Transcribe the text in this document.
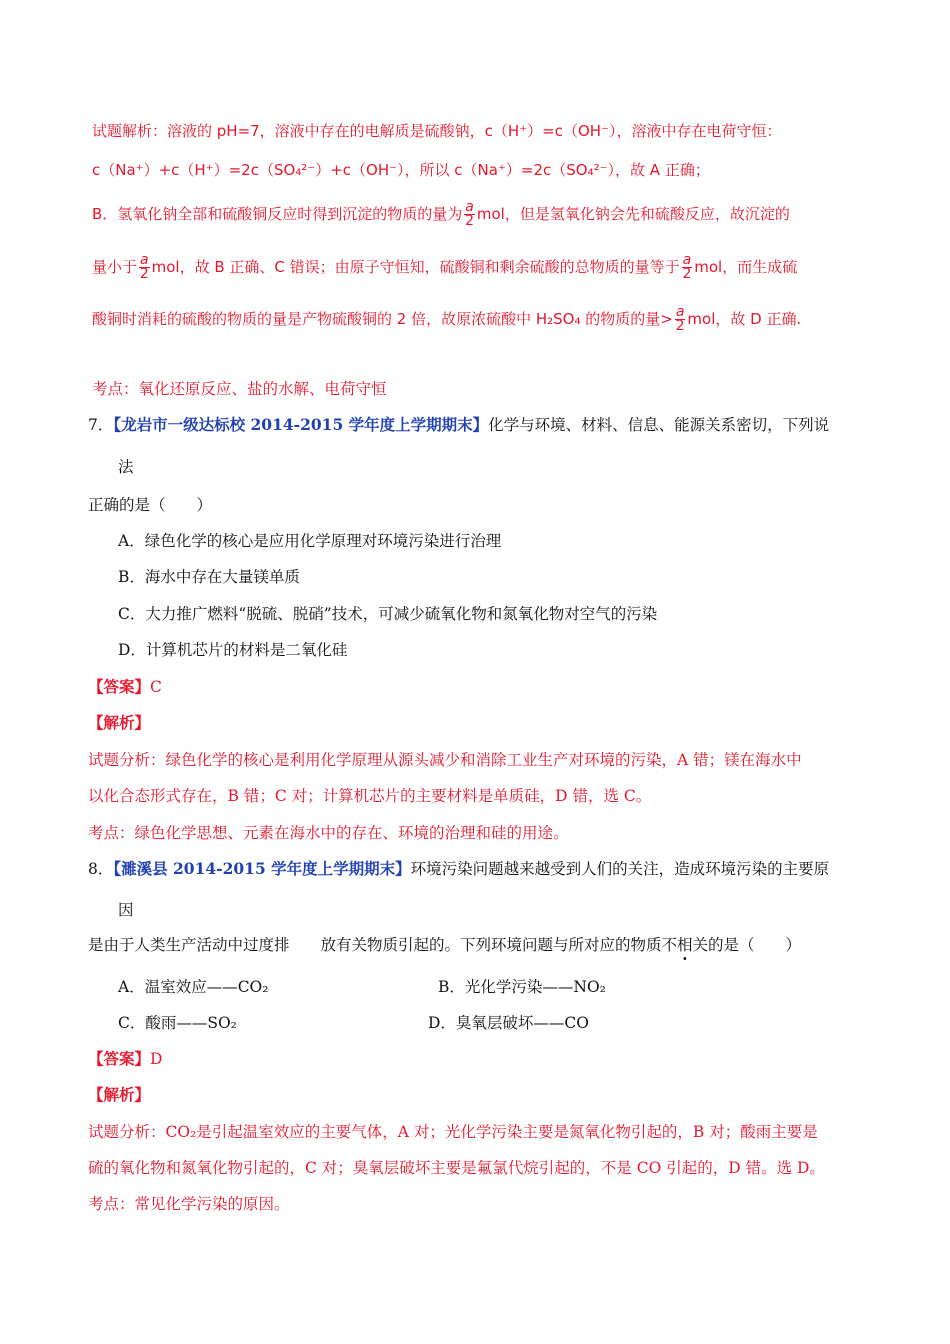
试题解析：溶液的 pH=7，溶液中存在的电解质是硫酸钠，c（H⁺）=c（OH⁻），溶液中存在电荷守恒：
c（Na⁺）+c（H⁺）=2c（SO₄²⁻）+c（OH⁻），所以 c（Na⁺）=2c（SO₄²⁻），故 A 正确；
B．氢氧化钠全部和硫酸铜反应时得到沉淀的物质的量为 $\frac{a}{2}$ mol，但是氢氧化钠会先和硫酸反应，故沉淀的
量小于 $\frac{a}{2}$ mol，故 B 正确、C 错误；由原子守恒知，硫酸铜和剩余硫酸的总物质的量等于 $\frac{a}{2}$ mol，而生成硫
酸铜时消耗的硫酸的物质的量是产物硫酸铜的 2 倍，故原浓硫酸中 H₂SO₄ 的物质的量> $\frac{a}{2}$ mol，故 D 正确.
考点：氧化还原反应、盐的水解、电荷守恒
7．【龙岩市一级达标校 2014-2015 学年度上学期期末】化学与环境、材料、信息、能源关系密切，下列说
法
正确的是（　　）
A．绿色化学的核心是应用化学原理对环境污染进行治理
B．海水中存在大量镁单质
C．大力推广燃料“脱硫、脱硝”技术，可减少硫氧化物和氮氧化物对空气的污染
D．计算机芯片的材料是二氧化硅
【答案】C
【解析】
试题分析：绿色化学的核心是利用化学原理从源头减少和消除工业生产对环境的污染，A 错；镁在海水中
以化合态形式存在，B 错；C 对；计算机芯片的主要材料是单质硅，D 错，选 C。
考点：绿色化学思想、元素在海水中的存在、环境的治理和硅的用途。
8．【濉溪县 2014-2015 学年度上学期期末】环境污染问题越来越受到人们的关注，造成环境污染的主要原
因
是由于人类生产活动中过度排　　放有关物质引起的。下列环境问题与所对应的物质不相关的是（　　）
A．温室效应——CO₂	B．光化学污染——NO₂
C．酸雨——SO₂	D．臭氧层破坏——CO
【答案】D
【解析】
试题分析：CO₂是引起温室效应的主要气体，A 对；光化学污染主要是氮氧化物引起的，B 对；酸雨主要是
硫的氧化物和氮氧化物引起的，C 对；臭氧层破坏主要是氟氯代烷引起的，不是 CO 引起的，D 错。选 D。
考点：常见化学污染的原因。
